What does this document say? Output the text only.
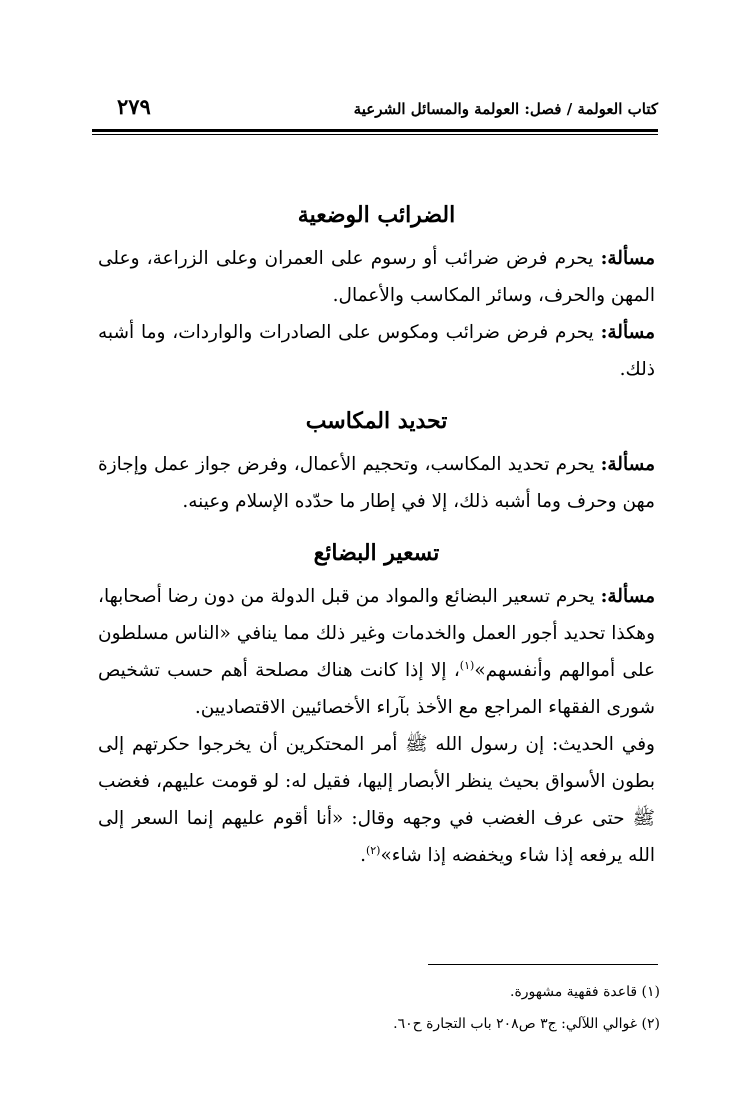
كتاب العولمة / فصل: العولمة والمسائل الشرعية
٢٧٩
الضرائب الوضعية

مسألة: يحرم فرض ضرائب أو رسوم على العمران وعلى الزراعة، وعلى المهن والحرف، وسائر المكاسب والأعمال.

مسألة: يحرم فرض ضرائب ومكوس على الصادرات والواردات، وما أشبه ذلك.

تحديد المكاسب

مسألة: يحرم تحديد المكاسب، وتحجيم الأعمال، وفرض جواز عمل وإجازة مهن وحرف وما أشبه ذلك، إلا في إطار ما حدّده الإسلام وعينه.

تسعير البضائع

مسألة: يحرم تسعير البضائع والمواد من قبل الدولة من دون رضا أصحابها، وهكذا تحديد أجور العمل والخدمات وغير ذلك مما ينافي «الناس مسلطون على أموالهم وأنفسهم»$^{(١)}$، إلا إذا كانت هناك مصلحة أهم حسب تشخيص شورى الفقهاء المراجع مع الأخذ بآراء الأخصائيين الاقتصاديين.

وفي الحديث: إن رسول الله ﷺ أمر المحتكرين أن يخرجوا حكرتهم إلى بطون الأسواق بحيث ينظر الأبصار إليها، فقيل له: لو قومت عليهم، فغضب ﷺ حتى عرف الغضب في وجهه وقال: «أنا أقوم عليهم إنما السعر إلى الله يرفعه إذا شاء ويخفضه إذا شاء»$^{(٢)}$.

(١) قاعدة فقهية مشهورة.
(٢) غوالي اللآلي: ج٣ ص٢٠٨ باب التجارة ح٦٠.
